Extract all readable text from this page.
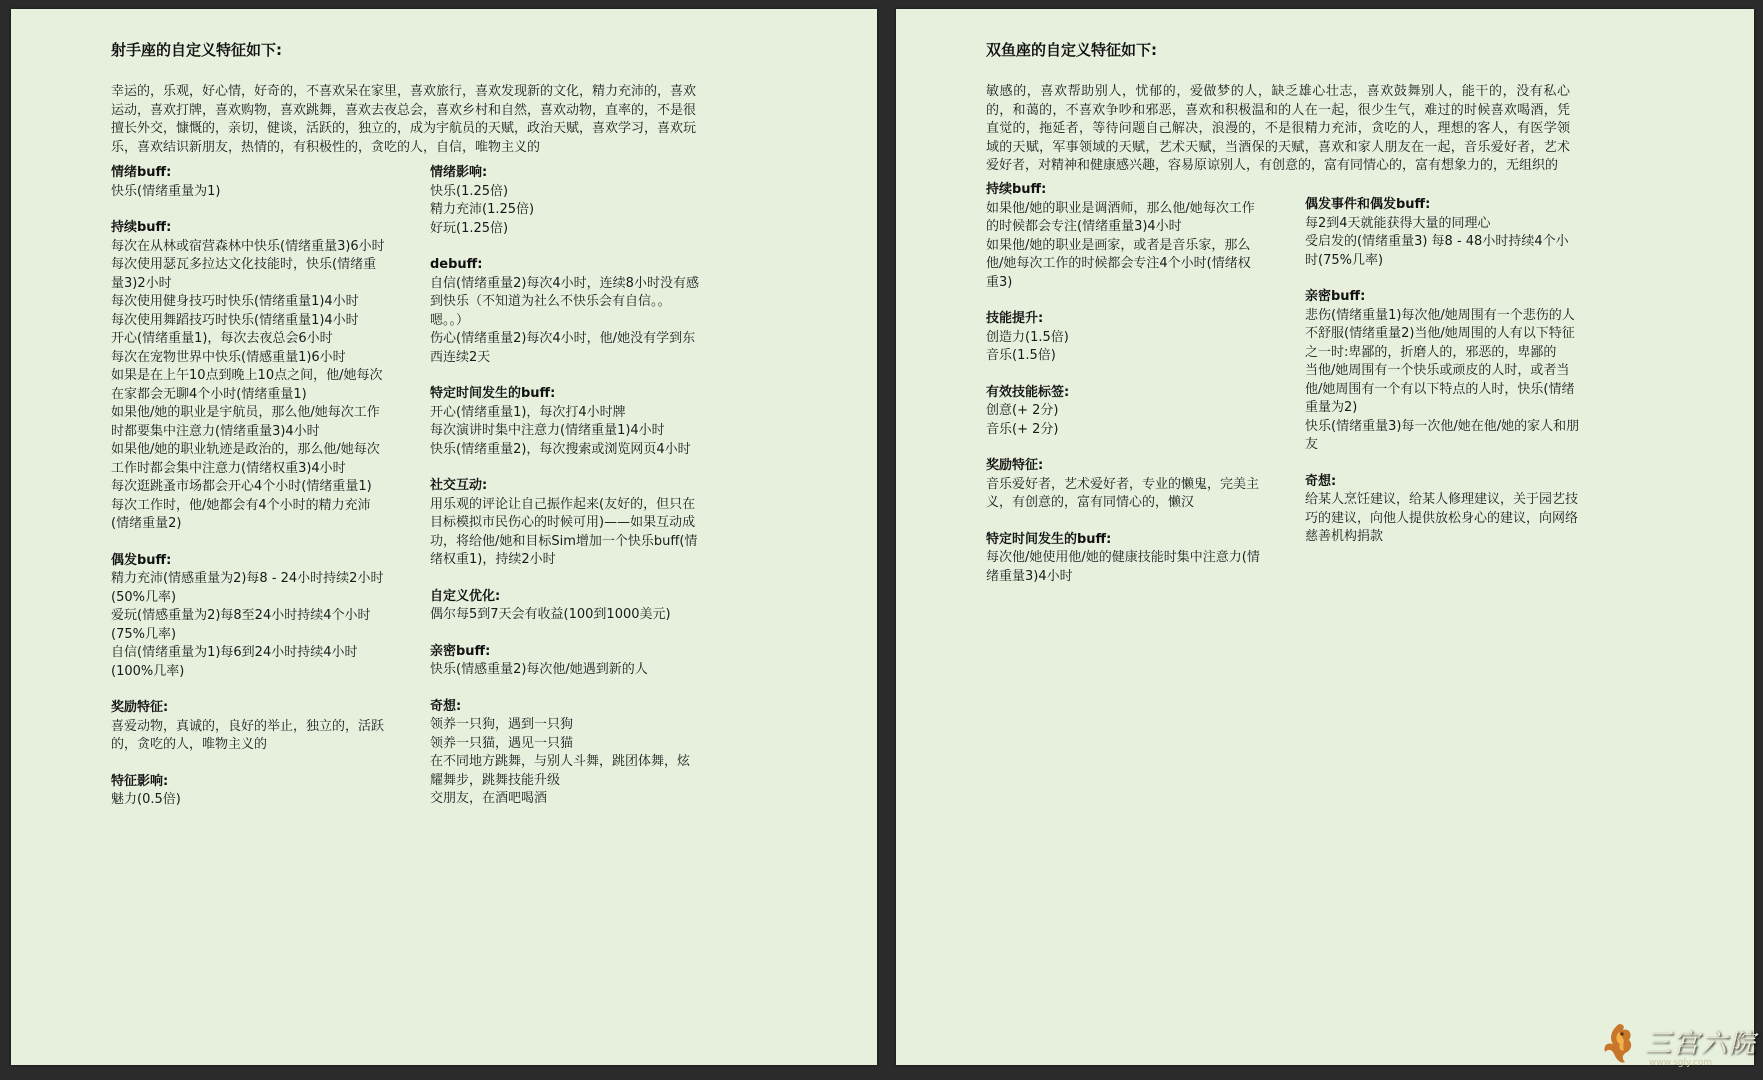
射手座的自定义特征如下:

幸运的，乐观，好心情，好奇的，不喜欢呆在家里，喜欢旅行，喜欢发现新的文化，精力充沛的，喜欢运动，喜欢打牌，喜欢购物，喜欢跳舞，喜欢去夜总会，喜欢乡村和自然，喜欢动物，直率的，不是很擅长外交，慷慨的，亲切，健谈，活跃的，独立的，成为宇航员的天赋，政治天赋，喜欢学习，喜欢玩乐，喜欢结识新朋友，热情的，有积极性的，贪吃的人，自信，唯物主义的

情绪buff:

快乐(情绪重量为1)

持续buff:

每次在从林或宿营森林中快乐(情绪重量3)6小时

每次使用瑟瓦多拉达文化技能时，快乐(情绪重量3)2小时

每次使用健身技巧时快乐(情绪重量1)4小时

每次使用舞蹈技巧时快乐(情绪重量1)4小时

开心(情绪重量1)，每次去夜总会6小时

每次在宠物世界中快乐(情感重量1)6小时

如果是在上午10点到晚上10点之间，他/她每次在家都会无聊4个小时(情绪重量1)

如果他/她的职业是宇航员，那么他/她每次工作时都要集中注意力(情绪重量3)4小时

如果他/她的职业轨迹是政治的，那么他/她每次工作时都会集中注意力(情绪权重3)4小时

每次逛跳蚤市场都会开心4个小时(情绪重量1)

每次工作时，他/她都会有4个小时的精力充沛(情绪重量2)

偶发buff:

精力充沛(情感重量为2)每8 - 24小时持续2小时(50%几率)

爱玩(情感重量为2)每8至24小时持续4个小时(75%几率)

自信(情绪重量为1)每6到24小时持续4小时(100%几率)

奖励特征:

喜爱动物，真诚的，良好的举止，独立的，活跃的，贪吃的人，唯物主义的

特征影响:

魅力(0.5倍)

情绪影响:

快乐(1.25倍)

精力充沛(1.25倍)

好玩(1.25倍)

debuff:

自信(情绪重量2)每次4小时，连续8小时没有感到快乐（不知道为社么不快乐会有自信。。嗯。。）

伤心(情绪重量2)每次4小时，他/她没有学到东西连续2天

特定时间发生的buff:

开心(情绪重量1)，每次打4小时牌

每次演讲时集中注意力(情绪重量1)4小时

快乐(情绪重量2)，每次搜索或浏览网页4小时

社交互动:

用乐观的评论让自己振作起来(友好的，但只在目标模拟市民伤心的时候可用)——如果互动成功，将给他/她和目标Sim增加一个快乐buff(情绪权重1)，持续2小时

自定义优化:

偶尔每5到7天会有收益(100到1000美元)

亲密buff:

快乐(情感重量2)每次他/她遇到新的人

奇想:

领养一只狗，遇到一只狗

领养一只猫，遇见一只猫

在不同地方跳舞，与别人斗舞，跳团体舞，炫耀舞步，跳舞技能升级

交朋友，在酒吧喝酒

双鱼座的自定义特征如下:

敏感的，喜欢帮助别人，忧郁的，爱做梦的人，缺乏雄心壮志，喜欢鼓舞别人，能干的，没有私心的，和蔼的，不喜欢争吵和邪恶，喜欢和积极温和的人在一起，很少生气，难过的时候喜欢喝酒，凭直觉的，拖延者，等待问题自己解决，浪漫的，不是很精力充沛，贪吃的人，理想的客人，有医学领域的天赋，军事领域的天赋，艺术天赋，当酒保的天赋，喜欢和家人朋友在一起，音乐爱好者，艺术爱好者，对精神和健康感兴趣，容易原谅别人，有创意的，富有同情心的，富有想象力的，无组织的

持续buff:

如果他/她的职业是调酒师，那么他/她每次工作的时候都会专注(情绪重量3)4小时

如果他/她的职业是画家，或者是音乐家，那么他/她每次工作的时候都会专注4个小时(情绪权重3)

技能提升:

创造力(1.5倍)

音乐(1.5倍)

有效技能标签:

创意(+ 2分)

音乐(+ 2分)

奖励特征:

音乐爱好者，艺术爱好者，专业的懒鬼，完美主义，有创意的，富有同情心的，懒汉

特定时间发生的buff:

每次他/她使用他/她的健康技能时集中注意力(情绪重量3)4小时

偶发事件和偶发buff:

每2到4天就能获得大量的同理心

受启发的(情绪重量3) 每8 - 48小时持续4个小时(75%几率)

亲密buff:

悲伤(情绪重量1)每次他/她周围有一个悲伤的人

不舒服(情绪重量2)当他/她周围的人有以下特征之一时:卑鄙的，折磨人的，邪恶的，卑鄙的

当他/她周围有一个快乐或顽皮的人时，或者当他/她周围有一个有以下特点的人时，快乐(情绪重量为2)

快乐(情绪重量3)每一次他/她在他/她的家人和朋友

奇想:

给某人烹饪建议，给某人修理建议，关于园艺技巧的建议，向他人提供放松身心的建议，向网络慈善机构捐款

三宫六院
www.sgly.com
